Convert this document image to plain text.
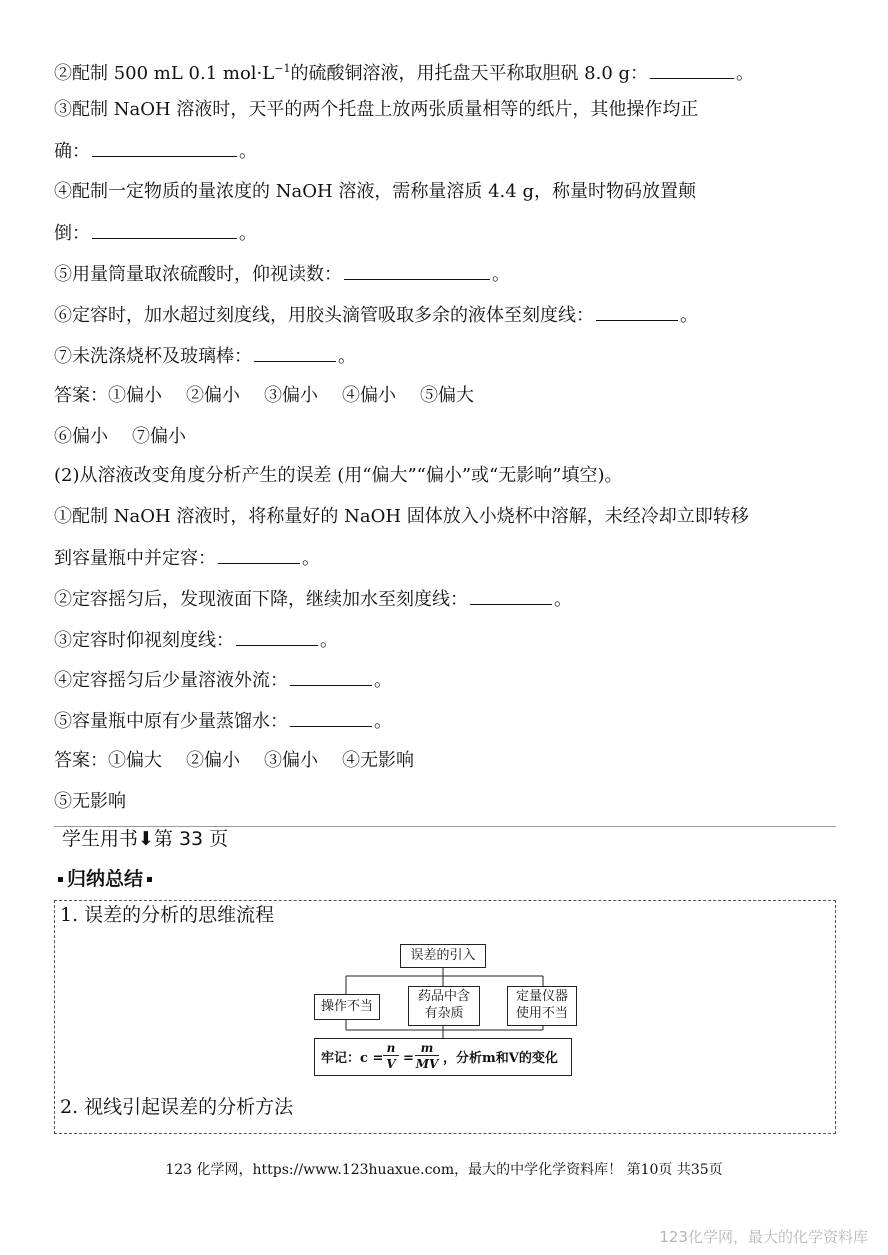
②配制 500 mL 0.1 $mol\cdot L^{-1}$的硫酸铜溶液，用托盘天平称取胆矾 8.0 g：	。
③配制 NaOH 溶液时，天平的两个托盘上放两张质量相等的纸片，其他操作均正
确：	。
④配制一定物质的量浓度的 NaOH 溶液，需称量溶质 4.4 g，称量时物码放置颠
倒：	。
⑤用量筒量取浓硫酸时，仰视读数：	。
⑥定容时，加水超过刻度线，用胶头滴管吸取多余的液体至刻度线：	。
⑦未洗涤烧杯及玻璃棒：	。
答案：①偏小 ②偏小 ③偏小 ④偏小 ⑤偏大
⑥偏小 ⑦偏小
(2)从溶液改变角度分析产生的误差 (用“偏大”“偏小”或“无影响”填空)。
①配制 NaOH 溶液时，将称量好的 NaOH 固体放入小烧杯中溶解，未经冷却立即转移
到容量瓶中并定容：	。
②定容摇匀后，发现液面下降，继续加水至刻度线：	。
③定容时仰视刻度线：	。
④定容摇匀后少量溶液外流：	。
⑤容量瓶中原有少量蒸馏水：	。
答案：①偏大 ②偏小 ③偏小 ④无影响
⑤无影响
学生用书⬇第 33 页
归纳总结
1. 误差的分析的思维流程
误差的引入
操作不当
药品中含
有杂质
定量仪器
使用不当
牢记：c =
n
V =
m
MV ，分析m和V的变化
2. 视线引起误差的分析方法
123 化学网，https://www.123huaxue.com，最大的中学化学资料库！ 第10页 共35页
123化学网，最大的化学资料库
